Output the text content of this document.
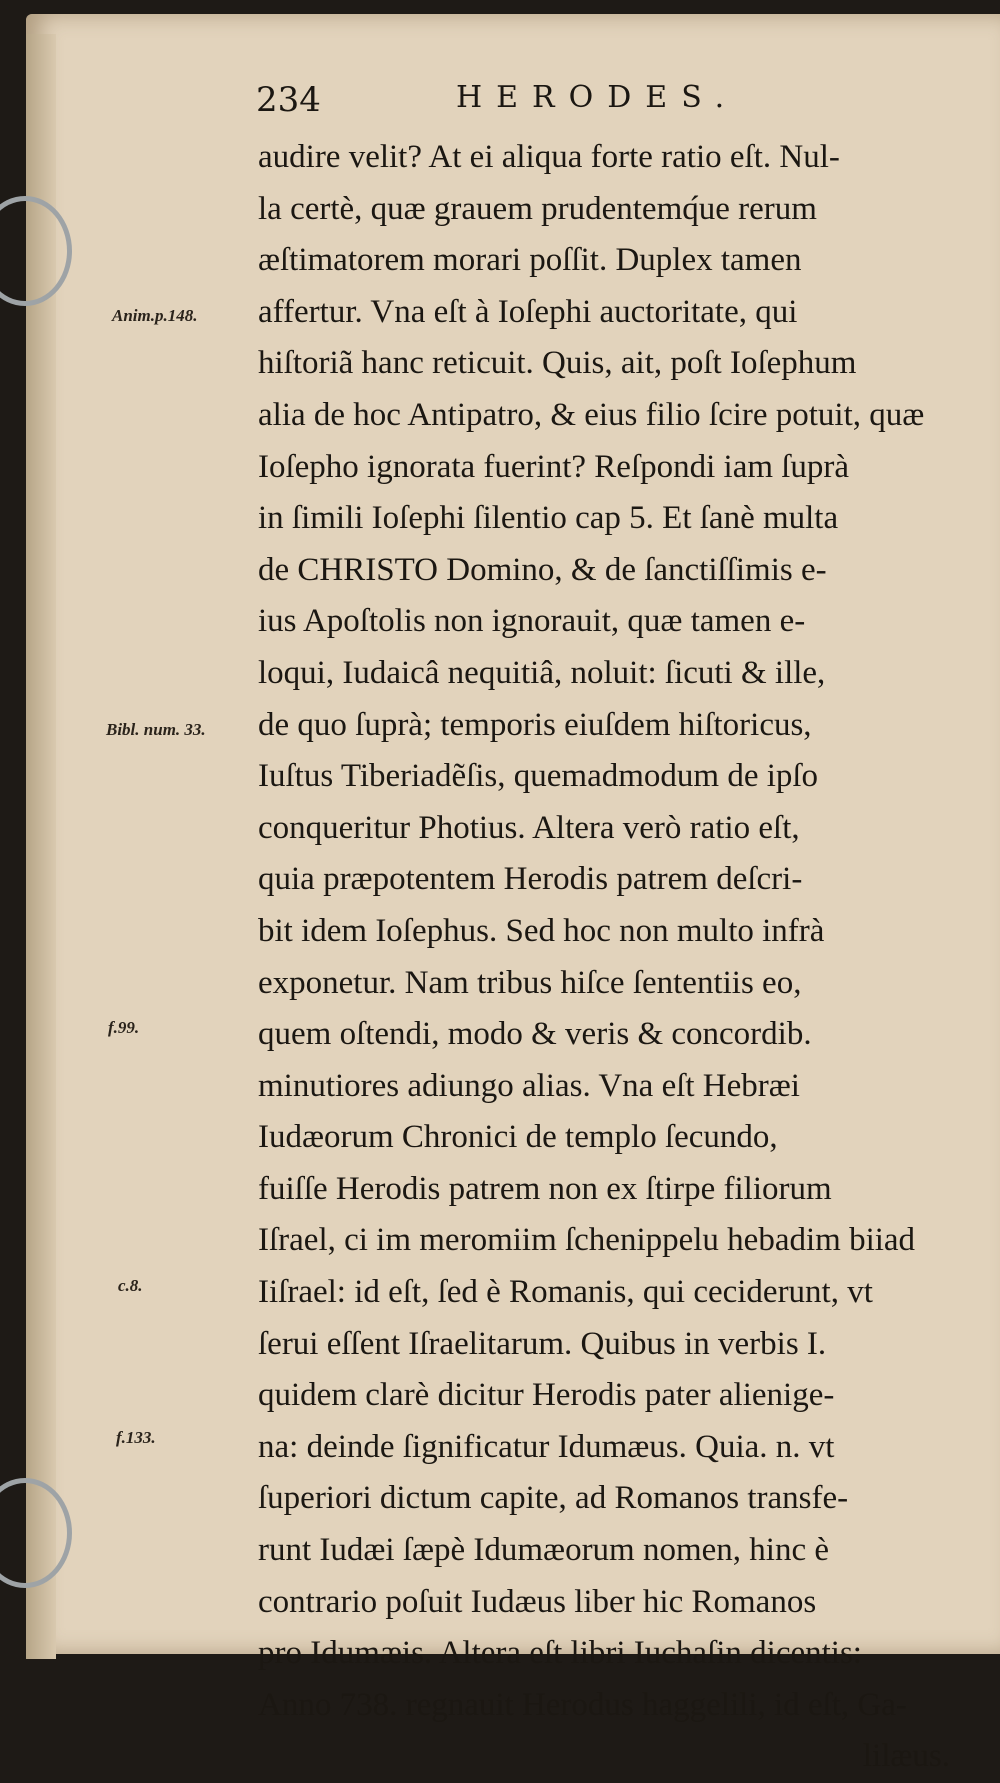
234	HERODES.
Anim.p.148.
Bibl. num. 33.
f.99.
c.8.
f.133.
audire velit? At ei aliqua forte ratio eſt. Nul-
la certè, quæ grauem prudentemq́ue rerum
æſtimatorem morari poſſit. Duplex tamen
affertur. Vna eſt à Ioſephi auctoritate, qui
hiſtoriã hanc reticuit. Quis, ait, poſt Ioſephum
alia de hoc Antipatro, & eius filio ſcire potuit, quæ
Ioſepho ignorata fuerint? Reſpondi iam ſuprà
in ſimili Ioſephi ſilentio cap 5. Et ſanè multa
de CHRISTO Domino, & de ſanctiſſimis e-
ius Apoſtolis non ignorauit, quæ tamen e-
loqui, Iudaicâ nequitiâ, noluit: ſicuti & ille,
de quo ſuprà; temporis eiuſdem hiſtoricus,
Iuſtus Tiberiadẽſis, quemadmodum de ipſo
conqueritur Photius. Altera verò ratio eſt,
quia præpotentem Herodis patrem deſcri-
bit idem Ioſephus. Sed hoc non multo infrà
exponetur. Nam tribus hiſce ſententiis eo,
quem oſtendi, modo & veris & concordib.
minutiores adiungo alias. Vna eſt Hebræi
Iudæorum Chronici de templo ſecundo,
fuiſſe Herodis patrem non ex ſtirpe filiorum
Iſrael, ci im meromiim ſchenippelu hebadim biiad
Iiſrael: id eſt, ſed è Romanis, qui ceciderunt, vt
ſerui eſſent Iſraelitarum. Quibus in verbis I.
quidem clarè dicitur Herodis pater alienige-
na: deinde ſignificatur Idumæus. Quia. n. vt
ſuperiori dictum capite, ad Romanos transfe-
runt Iudæi ſæpè Idumæorum nomen, hinc è
contrario poſuit Iudæus liber hic Romanos
pro Idumæis. Altera eſt libri Iuchaſin dicentis:
Anno 738. regnauit Herodus haggelili, id eſt, Ga-
lilæus.
